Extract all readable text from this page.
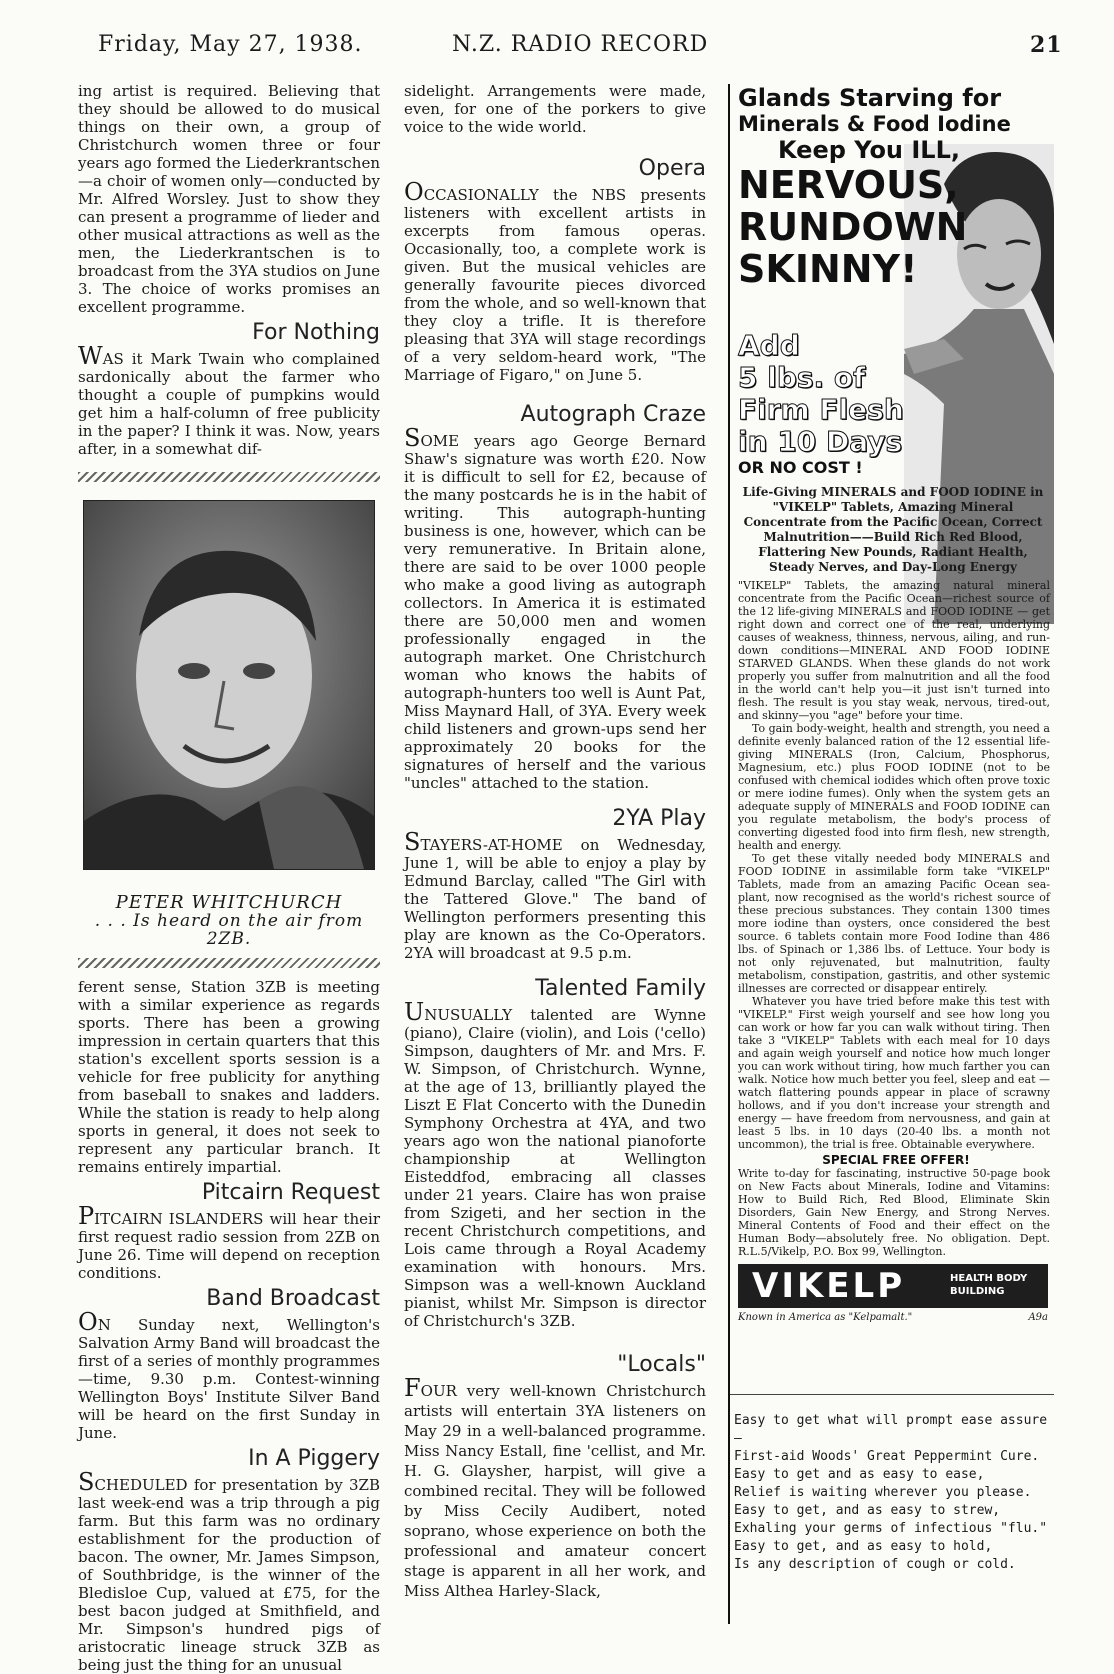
Friday, May 27, 1938.	N.Z. RADIO RECORD	21

ing artist is required. Believing that they should be allowed to do musical things on their own, a group of Christchurch women three or four years ago formed the Liederkrantschen—a choir of women only—conducted by Mr. Alfred Worsley. Just to show they can present a programme of lieder and other musical attractions as well as the men, the Liederkrantschen is to broadcast from the 3YA studios on June 3. The choice of works promises an excellent programme.

For Nothing

WAS it Mark Twain who complained sardonically about the farmer who thought a couple of pumpkins would get him a half-column of free publicity in the paper? I think it was. Now, years after, in a somewhat dif-

PETER WHITCHURCH
. . . Is heard on the air from 2ZB.

ferent sense, Station 3ZB is meeting with a similar experience as regards sports. There has been a growing impression in certain quarters that this station's excellent sports session is a vehicle for free publicity for anything from baseball to snakes and ladders. While the station is ready to help along sports in general, it does not seek to represent any particular branch. It remains entirely impartial.

Pitcairn Request

PITCAIRN ISLANDERS will hear their first request radio session from 2ZB on June 26. Time will depend on reception conditions.

Band Broadcast

ON Sunday next, Wellington's Salvation Army Band will broadcast the first of a series of monthly programmes —time, 9.30 p.m. Contest-winning Wellington Boys' Institute Silver Band will be heard on the first Sunday in June.

In A Piggery

SCHEDULED for presentation by 3ZB last week-end was a trip through a pig farm. But this farm was no ordinary establishment for the production of bacon. The owner, Mr. James Simpson, of Southbridge, is the winner of the Bledisloe Cup, valued at £75, for the best bacon judged at Smithfield, and Mr. Simpson's hundred pigs of aristocratic lineage struck 3ZB as being just the thing for an unusual

sidelight. Arrangements were made, even, for one of the porkers to give voice to the wide world.

Opera

OCCASIONALLY the NBS presents listeners with excellent artists in excerpts from famous operas. Occasionally, too, a complete work is given. But the musical vehicles are generally favourite pieces divorced from the whole, and so well-known that they cloy a trifle. It is therefore pleasing that 3YA will stage recordings of a very seldom-heard work, "The Marriage of Figaro," on June 5.

Autograph Craze

SOME years ago George Bernard Shaw's signature was worth £20. Now it is difficult to sell for £2, because of the many postcards he is in the habit of writing. This autograph-hunting business is one, however, which can be very remunerative. In Britain alone, there are said to be over 1000 people who make a good living as autograph collectors. In America it is estimated there are 50,000 men and women professionally engaged in the autograph market. One Christchurch woman who knows the habits of autograph-hunters too well is Aunt Pat, Miss Maynard Hall, of 3YA. Every week child listeners and grown-ups send her approximately 20 books for the signatures of herself and the various "uncles" attached to the station.

2YA Play

STAYERS-AT-HOME on Wednesday, June 1, will be able to enjoy a play by Edmund Barclay, called "The Girl with the Tattered Glove." The band of Wellington performers presenting this play are known as the Co-Operators. 2YA will broadcast at 9.5 p.m.

Talented Family

UNUSUALLY talented are Wynne (piano), Claire (violin), and Lois ('cello) Simpson, daughters of Mr. and Mrs. F. W. Simpson, of Christchurch. Wynne, at the age of 13, brilliantly played the Liszt E Flat Concerto with the Dunedin Symphony Orchestra at 4YA, and two years ago won the national pianoforte championship at Wellington Eisteddfod, embracing all classes under 21 years. Claire has won praise from Szigeti, and her section in the recent Christchurch competitions, and Lois came through a Royal Academy examination with honours. Mrs. Simpson was a well-known Auckland pianist, whilst Mr. Simpson is director of Christchurch's 3ZB.

"Locals"

FOUR very well-known Christchurch artists will entertain 3YA listeners on May 29 in a well-balanced programme. Miss Nancy Estall, fine 'cellist, and Mr. H. G. Glaysher, harpist, will give a combined recital. They will be followed by Miss Cecily Audibert, noted soprano, whose experience on both the professional and amateur concert stage is apparent in all her work, and Miss Althea Harley-Slack,

Glands Starving for
Minerals & Food Iodine
Keep You ILL,
NERVOUS,
RUNDOWN
SKINNY!
Add
5 lbs. of
Firm Flesh
in 10 Days
OR NO COST !
Life-Giving MINERALS and FOOD IODINE in "VIKELP" Tablets, Amazing Mineral Concentrate from the Pacific Ocean, Correct Malnutrition——Build Rich Red Blood, Flattering New Pounds, Radiant Health, Steady Nerves, and Day-Long Energy

"VIKELP" Tablets, the amazing natural mineral concentrate from the Pacific Ocean—richest source of the 12 life-giving MINERALS and FOOD IODINE — get right down and correct one of the real, underlying causes of weakness, thinness, nervous, ailing, and run-down conditions—MINERAL AND FOOD IODINE STARVED GLANDS. When these glands do not work properly you suffer from malnutrition and all the food in the world can't help you—it just isn't turned into flesh. The result is you stay weak, nervous, tired-out, and skinny—you "age" before your time.

To gain body-weight, health and strength, you need a definite evenly balanced ration of the 12 essential life-giving MINERALS (Iron, Calcium, Phosphorus, Magnesium, etc.) plus FOOD IODINE (not to be confused with chemical iodides which often prove toxic or mere iodine fumes). Only when the system gets an adequate supply of MINERALS and FOOD IODINE can you regulate metabolism, the body's process of converting digested food into firm flesh, new strength, health and energy.

To get these vitally needed body MINERALS and FOOD IODINE in assimilable form take "VIKELP" Tablets, made from an amazing Pacific Ocean sea-plant, now recognised as the world's richest source of these precious substances. They contain 1300 times more iodine than oysters, once considered the best source. 6 tablets contain more Food Iodine than 486 lbs. of Spinach or 1,386 lbs. of Lettuce. Your body is not only rejuvenated, but malnutrition, faulty metabolism, constipation, gastritis, and other systemic illnesses are corrected or disappear entirely.

Whatever you have tried before make this test with "VIKELP." First weigh yourself and see how long you can work or how far you can walk without tiring. Then take 3 "VIKELP" Tablets with each meal for 10 days and again weigh yourself and notice how much longer you can work without tiring, how much farther you can walk. Notice how much better you feel, sleep and eat — watch flattering pounds appear in place of scrawny hollows, and if you don't increase your strength and energy — have freedom from nervousness, and gain at least 5 lbs. in 10 days (20-40 lbs. a month not uncommon), the trial is free. Obtainable everywhere.

SPECIAL FREE OFFER!
Write to-day for fascinating, instructive 50-page book on New Facts about Minerals, Iodine and Vitamins: How to Build Rich, Red Blood, Eliminate Skin Disorders, Gain New Energy, and Strong Nerves. Mineral Contents of Food and their effect on the Human Body—absolutely free. No obligation. Dept. R.L.5/Vikelp, P.O. Box 99, Wellington.
VIKELP	HEALTH BODY BUILDING
Known in America as "Kelpamalt."	A9a
Easy to get what will prompt ease assure—
First-aid Woods' Great Peppermint Cure.
Easy to get and as easy to ease,
Relief is waiting wherever you please.
Easy to get, and as easy to strew,
Exhaling your germs of infectious "flu."
Easy to get, and as easy to hold,
Is any description of cough or cold.
